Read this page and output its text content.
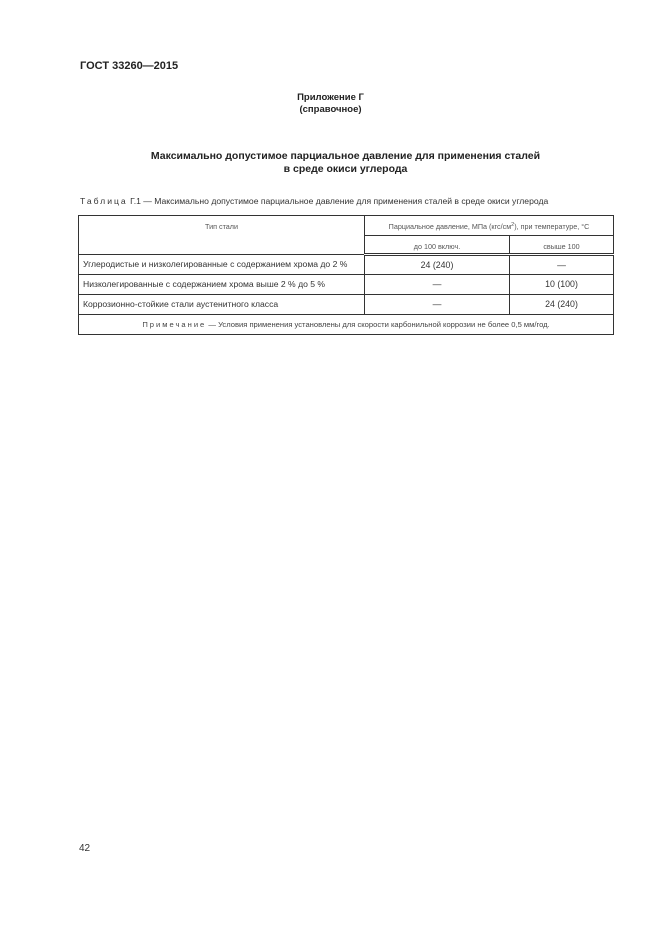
ГОСТ 33260—2015
Приложение Г
(справочное)
Максимально допустимое парциальное давление для применения сталей
в среде окиси углерода
Таблица Г.1 — Максимально допустимое парциальное давление для применения сталей в среде окиси углерода
Тип стали	Парциальное давление, МПа $(кгс/см^2)$, при температуре, °С	
	до 100 включ.	свыше 100
Углеродистые и низколегированные с содержанием хрома до 2 %	24 (240)	—
Низколегированные с содержанием хрома выше 2 % до 5 %	—	10 (100)
Коррозионно-стойкие стали аустенитного класса	—	24 (240)
Примечание — Условия применения установлены для скорости карбонильной коррозии не более 0,5 мм/год.		
42
